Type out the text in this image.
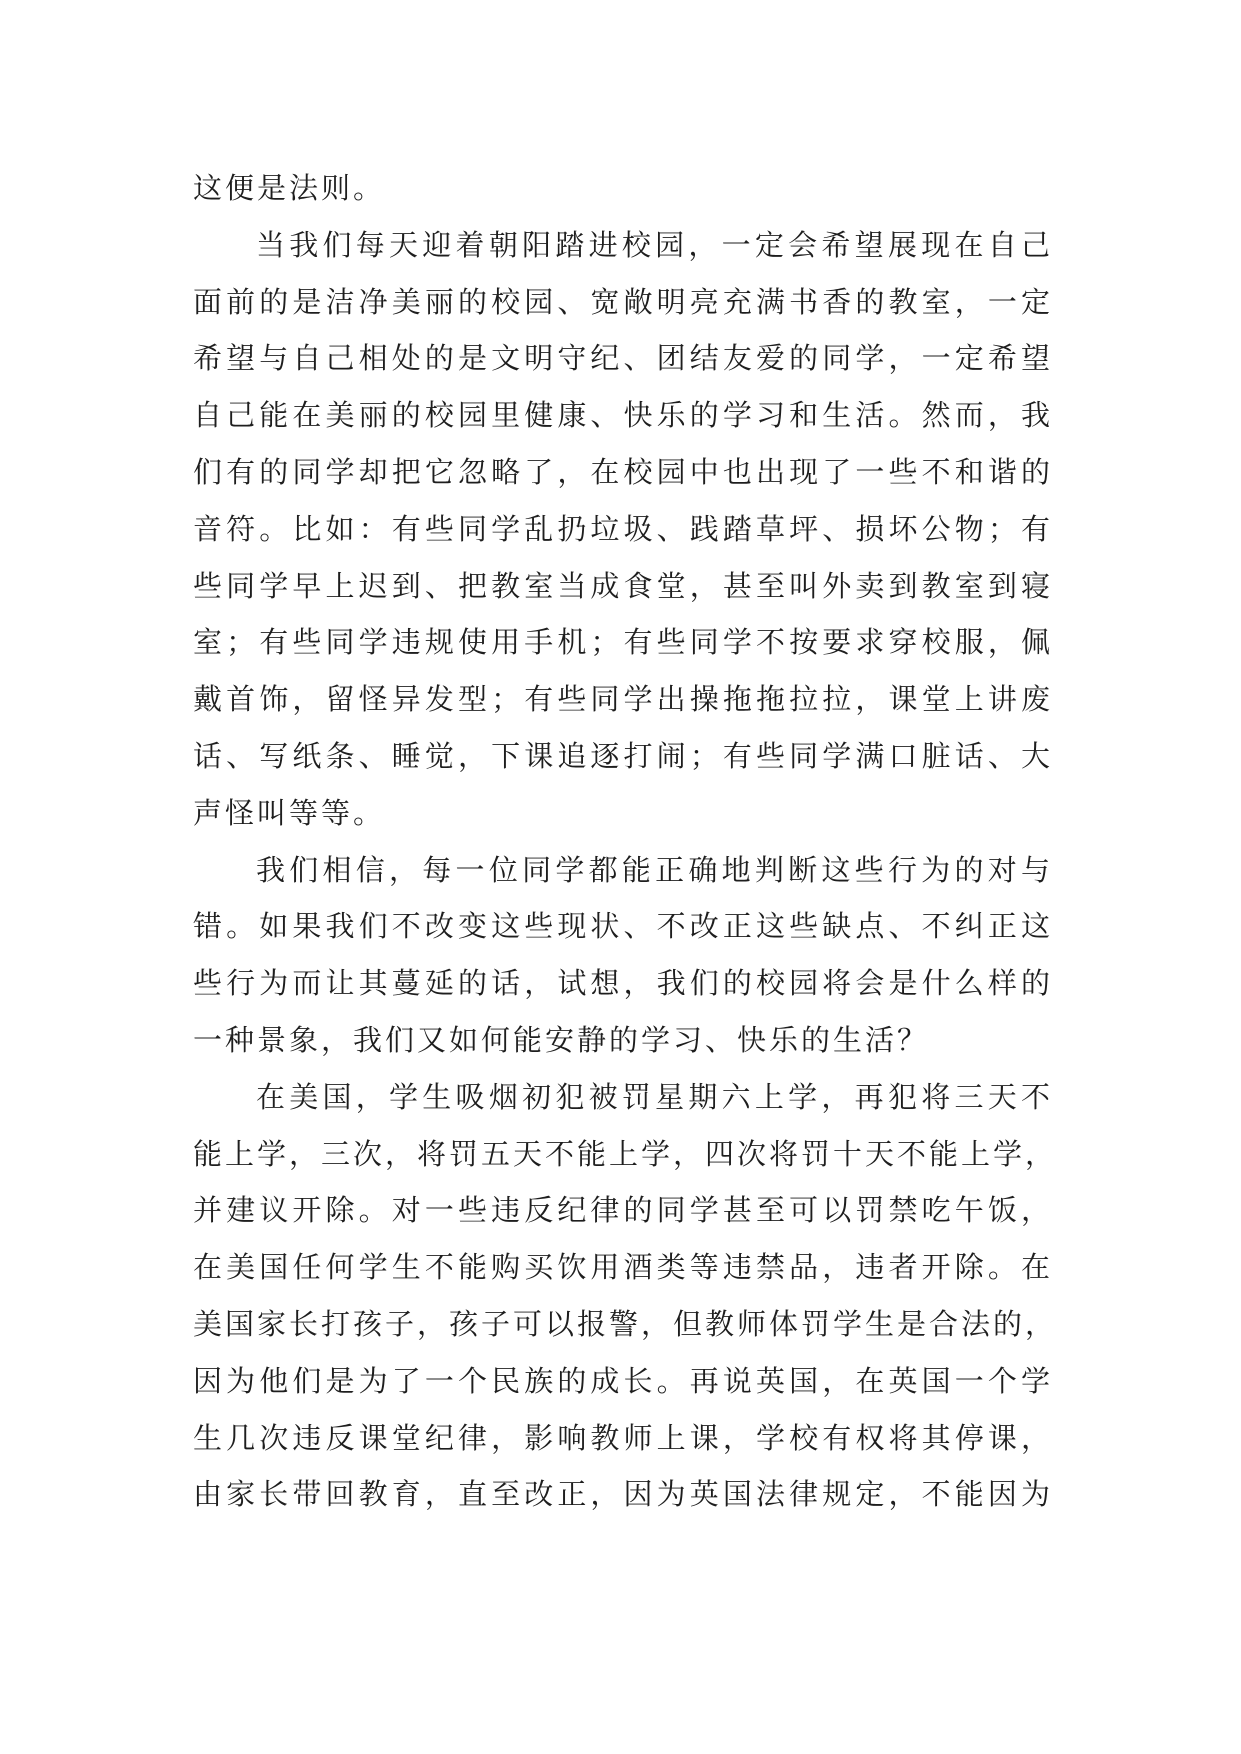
这便是法则。
当我们每天迎着朝阳踏进校园，一定会希望展现在自己
面前的是洁净美丽的校园、宽敞明亮充满书香的教室，一定
希望与自己相处的是文明守纪、团结友爱的同学，一定希望
自己能在美丽的校园里健康、快乐的学习和生活。然而，我
们有的同学却把它忽略了，在校园中也出现了一些不和谐的
音符。比如：有些同学乱扔垃圾、践踏草坪、损坏公物；有
些同学早上迟到、把教室当成食堂，甚至叫外卖到教室到寝
室；有些同学违规使用手机；有些同学不按要求穿校服，佩
戴首饰，留怪异发型；有些同学出操拖拖拉拉，课堂上讲废
话、写纸条、睡觉，下课追逐打闹；有些同学满口脏话、大
声怪叫等等。
我们相信，每一位同学都能正确地判断这些行为的对与
错。如果我们不改变这些现状、不改正这些缺点、不纠正这
些行为而让其蔓延的话，试想，我们的校园将会是什么样的
一种景象，我们又如何能安静的学习、快乐的生活？
在美国，学生吸烟初犯被罚星期六上学，再犯将三天不
能上学，三次，将罚五天不能上学，四次将罚十天不能上学，
并建议开除。对一些违反纪律的同学甚至可以罚禁吃午饭，
在美国任何学生不能购买饮用酒类等违禁品，违者开除。在
美国家长打孩子，孩子可以报警，但教师体罚学生是合法的，
因为他们是为了一个民族的成长。再说英国，在英国一个学
生几次违反课堂纪律，影响教师上课，学校有权将其停课，
由家长带回教育，直至改正，因为英国法律规定，不能因为
